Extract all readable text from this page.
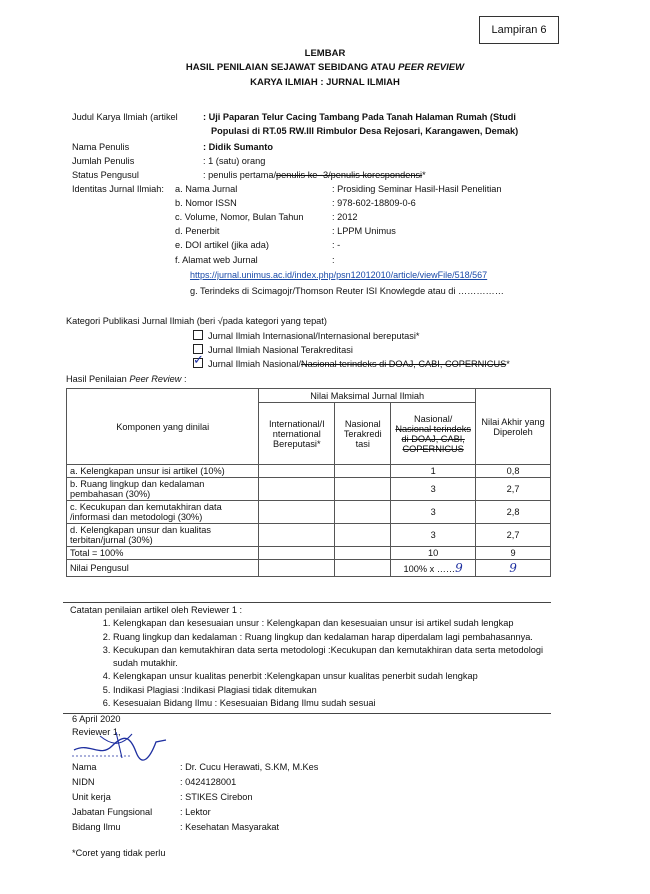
Lampiran 6
LEMBAR
HASIL PENILAIAN SEJAWAT SEBIDANG ATAU PEER REVIEW
KARYA ILMIAH : JURNAL ILMIAH
Judul Karya Ilmiah (artikel	: Uji Paparan Telur Cacing Tambang Pada Tanah Halaman Rumah (Studi
Populasi di RT.05 RW.III Rimbulor Desa Rejosari, Karangawen, Demak)
Nama Penulis	: Didik Sumanto
Jumlah Penulis	: 1 (satu) orang
Status Pengusul	: penulis pertama/penulis ke -3/penulis korespondensi*
Identitas Jurnal Ilmiah: a. Nama Jurnal	: Prosiding Seminar Hasil-Hasil Penelitian
b. Nomor ISSN	: 978-602-18809-0-6
c. Volume, Nomor, Bulan Tahun	: 2012
d. Penerbit	: LPPM Unimus
e. DOI artikel (jika ada)	: -
f. Alamat web Jurnal	:
https://jurnal.unimus.ac.id/index.php/psn12012010/article/viewFile/518/567
g. Terindeks di Scimagojr/Thomson Reuter ISI Knowlegde atau di ……………
Kategori Publikasi Jurnal Ilmiah (beri √pada kategori yang tepat)
Jurnal Ilmiah Internasional/Internasional bereputasi*
Jurnal Ilmiah Nasional Terakreditasi
✓ Jurnal Ilmiah Nasional/Nasional terindeks di DOAJ, CABI, COPERNICUS*
Hasil Penilaian Peer Review :
Komponen yang dinilai	Nilai Maksimal Jurnal Ilmiah			Nilai Akhir yang Diperoleh
	International/I nternational Bereputasi*	Nasional Terakredi tasi	Nasional/
Nasional terindeks di DOAJ, CABI, COPERNICUS	
a. Kelengkapan unsur isi artikel (10%)			1	0,8
b. Ruang lingkup dan kedalaman pembahasan (30%)			3	2,7
c. Kecukupan dan kemutakhiran data /informasi dan metodologi (30%)			3	2,8
d. Kelengkapan unsur dan kualitas terbitan/jurnal (30%)			3	2,7
Total = 100%			10	9
Nilai Pengusul			100% x ……9	9
Catatan penilaian artikel oleh Reviewer 1 :
1. Kelengkapan dan kesesuaian unsur : Kelengkapan dan kesesuaian unsur isi artikel sudah lengkap
2. Ruang lingkup dan kedalaman : Ruang lingkup dan kedalaman harap diperdalam lagi pembahasannya.
3. Kecukupan dan kemutakhiran data serta metodologi :Kecukupan dan kemutakhiran data serta metodologi sudah mutakhir.
4. Kelengkapan unsur kualitas penerbit :Kelengkapan unsur kualitas penerbit sudah lengkap
5. Indikasi Plagiasi :Indikasi Plagiasi tidak ditemukan
6. Kesesuaian Bidang Ilmu : Kesesuaian Bidang Ilmu sudah sesuai
6 April 2020
Reviewer 1,
Nama	: Dr. Cucu Herawati, S.KM, M.Kes
NIDN	: 0424128001
Unit kerja	: STIKES Cirebon
Jabatan Fungsional	: Lektor
Bidang Ilmu	: Kesehatan Masyarakat
*Coret yang tidak perlu
